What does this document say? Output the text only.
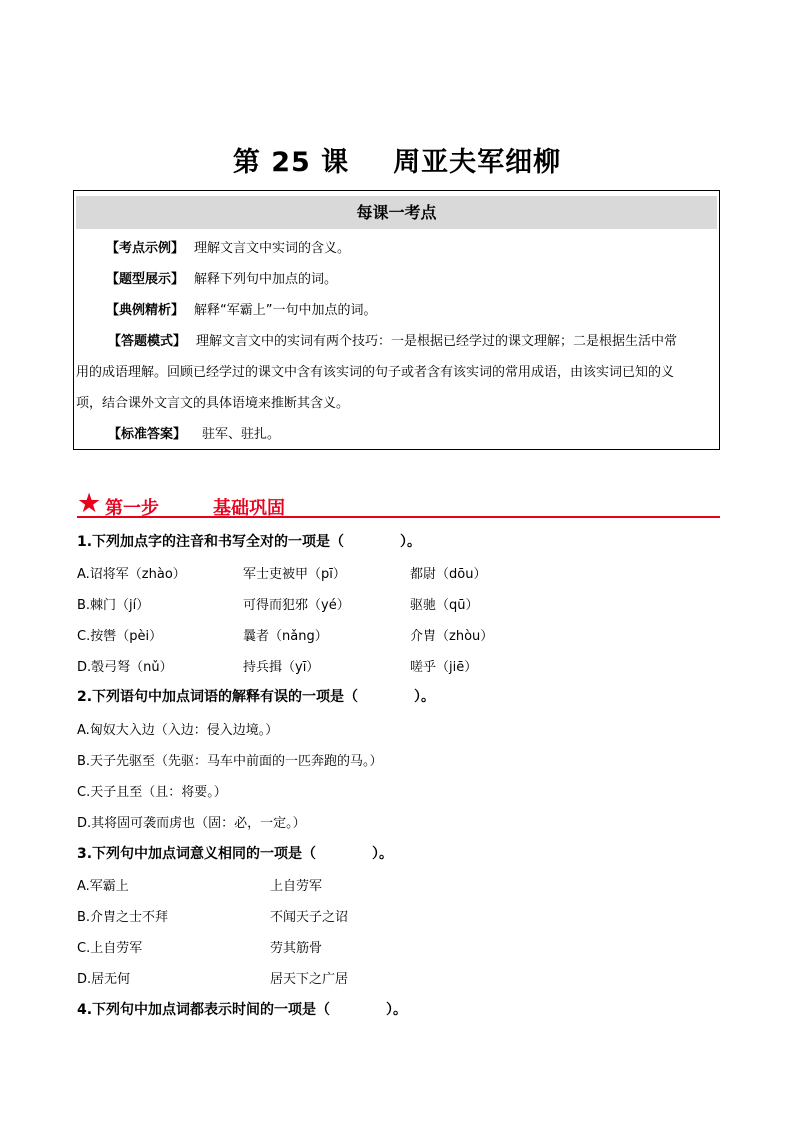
第 25 课 周亚夫军细柳
每课一考点
【考点示例】 理解文言文中实词的含义。
【题型展示】 解释下列句中加点的词。
【典例精析】 解释“军霸上”一句中加点的词。
【答题模式】 理解文言文中的实词有两个技巧：一是根据已经学过的课文理解；二是根据生活中常
用的成语理解。回顾已经学过的课文中含有该实词的句子或者含有该实词的常用成语，由该实词已知的义
项，结合课外文言文的具体语境来推断其含义。
【标准答案】 驻军、驻扎。
★ 第一步	基础巩固
1.下列加点字的注音和书写全对的一项是（　　　　）。
A.诏将军（zhào）	军士吏被甲（pī）	都尉（dōu）
B.棘门（jí）	可得而犯邪（yé）	驱驰（qū）
C.按辔（pèi）	曩者（nǎng）	介胄（zhòu）
D.彀弓弩（nǔ）	持兵揖（yī）	嗟乎（jiē）
2.下列语句中加点词语的解释有误的一项是（　　　　）。
A.匈奴大入边（入边：侵入边境。）
B.天子先驱至（先驱：马车中前面的一匹奔跑的马。）
C.天子且至（且：将要。）
D.其将固可袭而虏也（固：必，一定。）
3.下列句中加点词意义相同的一项是（　　　　）。
A.军霸上	上自劳军
B.介胄之士不拜	不闻天子之诏
C.上自劳军	劳其筋骨
D.居无何	居天下之广居
4.下列句中加点词都表示时间的一项是（　　　　）。
